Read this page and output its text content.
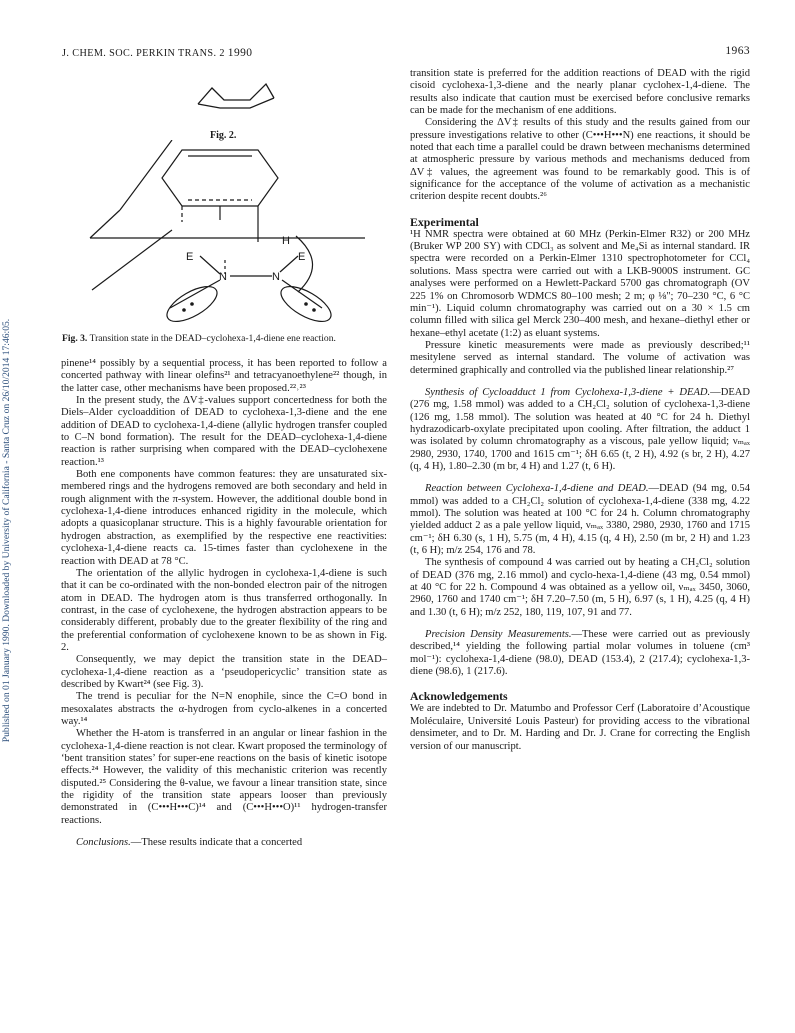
Published on 01 January 1990. Downloaded by University of California - Santa Cruz on 26/10/2014 17:46:05.
J. CHEM. SOC. PERKIN TRANS. 2 1990	1963
Fig. 2.
E	E
N	N
H
Fig. 3. Transition state in the DEAD–cyclohexa-1,4-diene ene reaction.

pinene¹⁴ possibly by a sequential process, it has been reported to follow a concerted pathway with linear olefins²¹ and tetracyanoethylene²² though, in the latter case, other mechanisms have been proposed.²²˒²³

In the present study, the ΔV‡-values support concertedness for both the Diels–Alder cycloaddition of DEAD to cyclohexa-1,3-diene and the ene addition of DEAD to cyclohexa-1,4-diene (allylic hydrogen transfer coupled to C–N bond formation). The result for the DEAD–cyclohexa-1,4-diene reaction is rather surprising when compared with the DEAD–cyclohexene reaction.¹³

Both ene components have common features: they are unsaturated six-membered rings and the hydrogens removed are both secondary and held in rough alignment with the π-system. However, the additional double bond in cyclohexa-1,4-diene introduces enhanced rigidity in the molecule, which adopts a quasicoplanar structure. This is a highly favourable orientation for hydrogen abstraction, as exemplified by the respective ene reactivities: cyclohexa-1,4-diene reacts ca. 15-times faster than cyclohexene in the reaction with DEAD at 78 °C.

The orientation of the allylic hydrogen in cyclohexa-1,4-diene is such that it can be co-ordinated with the non-bonded electron pair of the nitrogen atom in DEAD. The hydrogen atom is thus transferred orthogonally. In contrast, in the case of cyclohexene, the hydrogen abstraction appears to be considerably different, probably due to the greater flexibility of the ring and the preferential conformation of cyclohexene known to be as shown in Fig. 2.

Consequently, we may depict the transition state in the DEAD–cyclohexa-1,4-diene reaction as a ‘pseudopericyclic’ transition state as described by Kwart²⁴ (see Fig. 3).

The trend is peculiar for the N=N enophile, since the C=O bond in mesoxalates abstracts the α-hydrogen from cyclo-alkenes in a concerted way.¹⁴

Whether the H-atom is transferred in an angular or linear fashion in the cyclohexa-1,4-diene reaction is not clear. Kwart proposed the terminology of ‘bent transition states’ for super-ene reactions on the basis of kinetic isotope effects.²⁴ However, the validity of this mechanistic criterion was recently disputed.²⁵ Considering the θ-value, we favour a linear transition state, since the rigidity of the transition state appears looser than previously demonstrated in (C•••H•••C)¹⁴ and (C•••H•••O)¹¹ hydrogen-transfer reactions.

Conclusions.—These results indicate that a concerted

transition state is preferred for the addition reactions of DEAD with the rigid cisoid cyclohexa-1,3-diene and the nearly planar cyclohex-1,4-diene. The results also indicate that caution must be exercised before conclusive remarks can be made for the mechanism of ene additions.

Considering the ΔV‡ results of this study and the results gained from our pressure investigations relative to other (C•••H•••N) ene reactions, it should be noted that each time a parallel could be drawn between mechanisms determined at atmospheric pressure by various methods and mechanisms deduced from ΔV‡ values, the agreement was found to be remarkably good. This is of significance for the acceptance of the volume of activation as a mechanistic criterion despite recent doubts.²⁶

Experimental

¹H NMR spectra were obtained at 60 MHz (Perkin-Elmer R32) or 200 MHz (Bruker WP 200 SY) with CDCl₃ as solvent and Me₄Si as internal standard. IR spectra were recorded on a Perkin-Elmer 1310 spectrophotometer for CCl₄ solutions. Mass spectra were carried out with a LKB-9000S instrument. GC analyses were performed on a Hewlett-Packard 5700 gas chromatograph (OV 225 1% on Chromosorb WDMCS 80–100 mesh; 2 m; φ ⅛"; 70–230 °C, 6 °C min⁻¹). Liquid column chromatography was carried out on a 30 × 1.5 cm column filled with silica gel Merck 230–400 mesh, and hexane–diethyl ether or hexane–ethyl acetate (1:2) as eluant systems.

Pressure kinetic measurements were made as previously described;¹¹ mesitylene served as internal standard. The volume of activation was determined graphically and controlled via the published linear relationship.²⁷

Synthesis of Cycloadduct 1 from Cyclohexa-1,3-diene + DEAD.—DEAD (276 mg, 1.58 mmol) was added to a CH₂Cl₂ solution of cyclohexa-1,3-diene (126 mg, 1.58 mmol). The solution was heated at 40 °C for 24 h. Diethyl hydrazodicarb-oxylate precipitated upon cooling. After filtration, the adduct 1 was isolated by column chromatography as a viscous, pale yellow liquid; νₘₐₓ 2980, 2930, 1740, 1700 and 1615 cm⁻¹; δH 6.65 (t, 2 H), 4.92 (s br, 2 H), 4.27 (q, 4 H), 1.80–2.30 (m br, 4 H) and 1.27 (t, 6 H).

Reaction between Cyclohexa-1,4-diene and DEAD.—DEAD (94 mg, 0.54 mmol) was added to a CH₂Cl₂ solution of cyclohexa-1,4-diene (338 mg, 4.22 mmol). The solution was heated at 100 °C for 24 h. Column chromatography yielded adduct 2 as a pale yellow liquid, νₘₐₓ 3380, 2980, 2930, 1760 and 1715 cm⁻¹; δH 6.30 (s, 1 H), 5.75 (m, 4 H), 4.15 (q, 4 H), 2.50 (m br, 2 H) and 1.23 (t, 6 H); m/z 254, 176 and 78.

The synthesis of compound 4 was carried out by heating a CH₂Cl₂ solution of DEAD (376 mg, 2.16 mmol) and cyclo-hexa-1,4-diene (43 mg, 0.54 mmol) at 40 °C for 22 h. Compound 4 was obtained as a yellow oil, νₘₐₓ 3450, 3060, 2960, 1760 and 1740 cm⁻¹; δH 7.20–7.50 (m, 5 H), 6.97 (s, 1 H), 4.25 (q, 4 H) and 1.30 (t, 6 H); m/z 252, 180, 119, 107, 91 and 77.

Precision Density Measurements.—These were carried out as previously described,¹⁴ yielding the following partial molar volumes in toluene (cm³ mol⁻¹): cyclohexa-1,4-diene (98.0), DEAD (153.4), 2 (217.4); cyclohexa-1,3-diene (98.6), 1 (217.6).

Acknowledgements

We are indebted to Dr. Matumbo and Professor Cerf (Laboratoire d’Acoustique Moléculaire, Université Louis Pasteur) for providing access to the vibrational densimeter, and to Dr. M. Harding and Dr. J. Crane for correcting the English version of our manuscript.
